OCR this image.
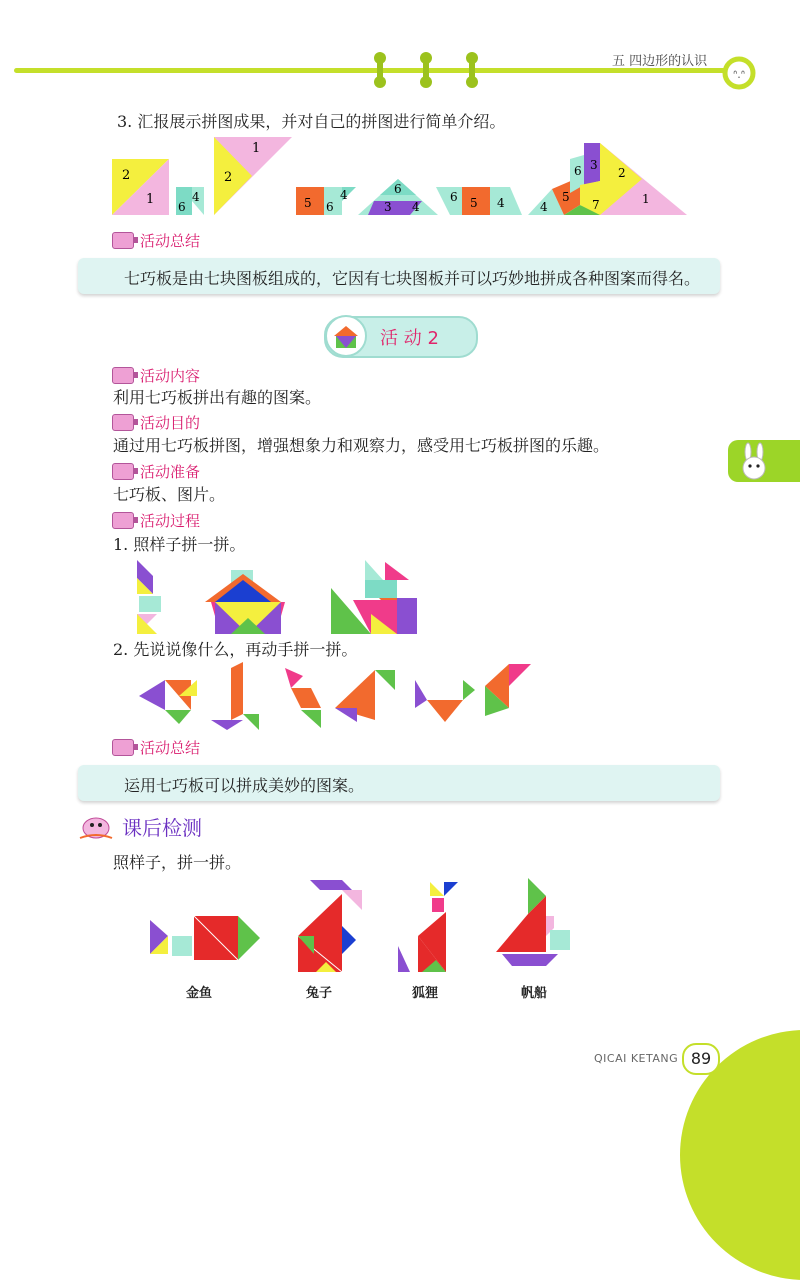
五 四边形的认识
ᐢ.ᐢ
3. 汇报展示拼图成果，并对自己的拼图进行简单介绍。
2
1 6
4
1
2
5 6
4	6
3 4
6 5 4
6 3
5
2
4	7	1
活动总结
七巧板是由七块图板组成的，它因有七块图板并可以巧妙地拼成各种图案而得名。
活 动 2
活动内容
利用七巧板拼出有趣的图案。
活动目的
通过用七巧板拼图，增强想象力和观察力，感受用七巧板拼图的乐趣。
活动准备
七巧板、图片。
活动过程
1. 照样子拼一拼。
2. 先说说像什么，再动手拼一拼。
活动总结
运用七巧板可以拼成美妙的图案。
课后检测
照样子，拼一拼。
金鱼	兔子	狐狸	帆船
QICAI KETANG 89
